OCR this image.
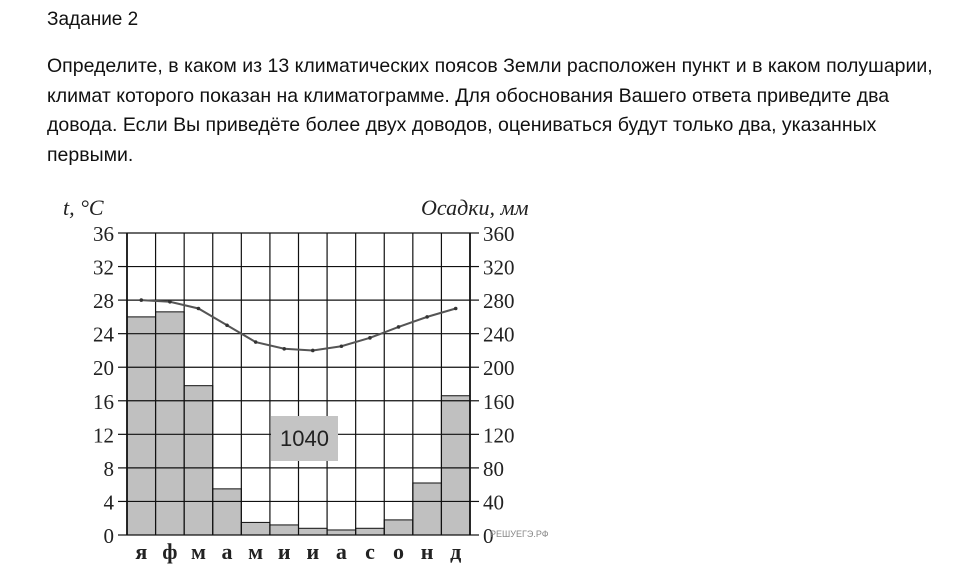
Задание 2
Определите, в каком из 13 климатических поясов Земли расположен пункт и в каком полушарии, климат которого показан на климатограмме. Для обоснования Вашего ответа приведите два довода. Если Вы приведёте более двух доводов, оцениваться будут только два, указанных первыми.
0
4
8
12
16
20
24
28
32
36
0
40
80
120
160
200
240
280
320
360
я ф м а м и и а с о н д
t, °C	Осадки, мм
1040
РЕШУЕГЭ.РФ
